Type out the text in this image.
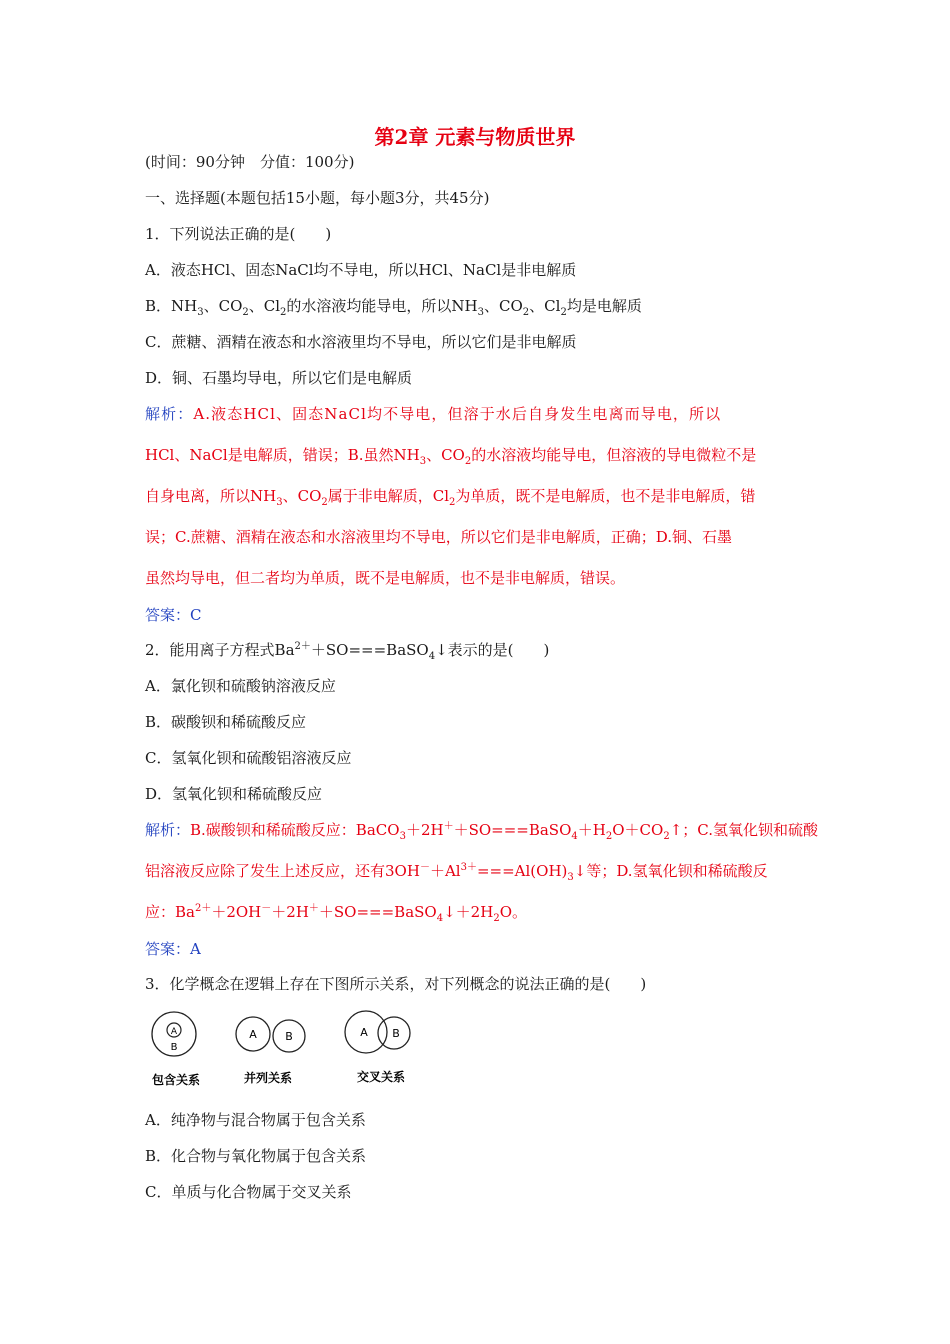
第2章 元素与物质世界
(时间：90分钟　分值：100分)
一、选择题(本题包括15小题，每小题3分，共45分)
1．下列说法正确的是(　　)
A．液态HCl、固态NaCl均不导电，所以HCl、NaCl是非电解质
B．$NH_3$、$CO_2$、$Cl_2$的水溶液均能导电，所以$NH_3$、$CO_2$、$Cl_2$均是电解质
C．蔗糖、酒精在液态和水溶液里均不导电，所以它们是非电解质
D．铜、石墨均导电，所以它们是电解质
解析：A.液态HCl、固态NaCl均不导电，但溶于水后自身发生电离而导电，所以
HCl、NaCl是电解质，错误；B.虽然$NH_3$、$CO_2$的水溶液均能导电，但溶液的导电微粒不是
自身电离，所以$NH_3$、$CO_2$属于非电解质，$Cl_2$为单质，既不是电解质，也不是非电解质，错
误；C.蔗糖、酒精在液态和水溶液里均不导电，所以它们是非电解质，正确；D.铜、石墨
虽然均导电，但二者均为单质，既不是电解质，也不是非电解质，错误。
答案：C
2．能用离子方程式$Ba^{2+}+SO===BaSO_4↓$表示的是(　　)
A．氯化钡和硫酸钠溶液反应
B．碳酸钡和稀硫酸反应
C．氢氧化钡和硫酸铝溶液反应
D．氢氧化钡和稀硫酸反应
解析：B.碳酸钡和稀硫酸反应：$BaCO_3+2H^++SO===BaSO_4+H_2O+CO_2↑$；C.氢氧化钡和硫酸
铝溶液反应除了发生上述反应，还有$3OH^-+Al^{3+}===Al(OH)_3↓$等；D.氢氧化钡和稀硫酸反
应：$Ba^{2+}+2OH^-+2H^++SO===BaSO_4↓+2H_2O$。
答案：A
3．化学概念在逻辑上存在下图所示关系，对下列概念的说法正确的是(　　)
A
B
A	B	A B
包含关系	并列关系	交叉关系
A．纯净物与混合物属于包含关系
B．化合物与氧化物属于包含关系
C．单质与化合物属于交叉关系
